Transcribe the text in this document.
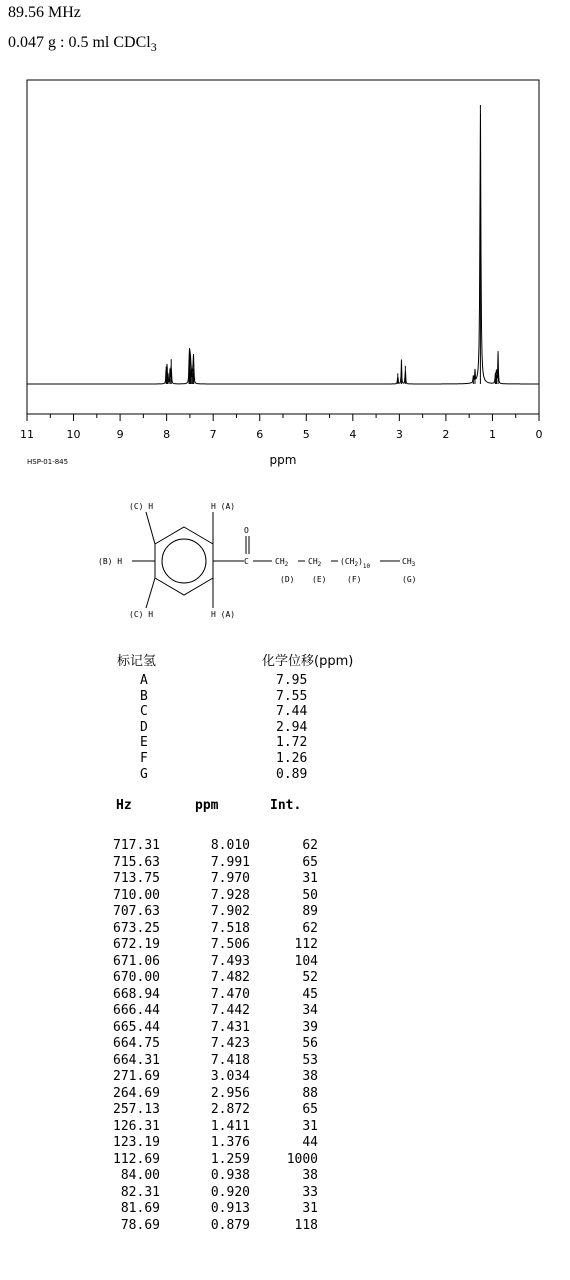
89.56 MHz
0.047 g : 0.5 ml CDCl$_3$
11	10	9	8	7	6	5	4	3	2	1	0
ppm
HSP-01-845
(C) H	H (A)
(B) H
(C) H	H (A)
O
C	$CH_2$ $CH_2$ $(CH_2)_{10}$
$CH_3$
(D) (E)	(F)	(G)
标记氢	化学位移(ppm)
A	7.95
B	7.55
C	7.44
D	2.94
E	1.72
F	1.26
G	0.89
Hz	ppm	Int.
717.31	8.010	62
715.63	7.991	65
713.75	7.970	31
710.00	7.928	50
707.63	7.902	89
673.25	7.518	62
672.19	7.506	112
671.06	7.493	104
670.00	7.482	52
668.94	7.470	45
666.44	7.442	34
665.44	7.431	39
664.75	7.423	56
664.31	7.418	53
271.69	3.034	38
264.69	2.956	88
257.13	2.872	65
126.31	1.411	31
123.19	1.376	44
112.69	1.259	1000
84.00	0.938	38
82.31	0.920	33
81.69	0.913	31
78.69	0.879	118
